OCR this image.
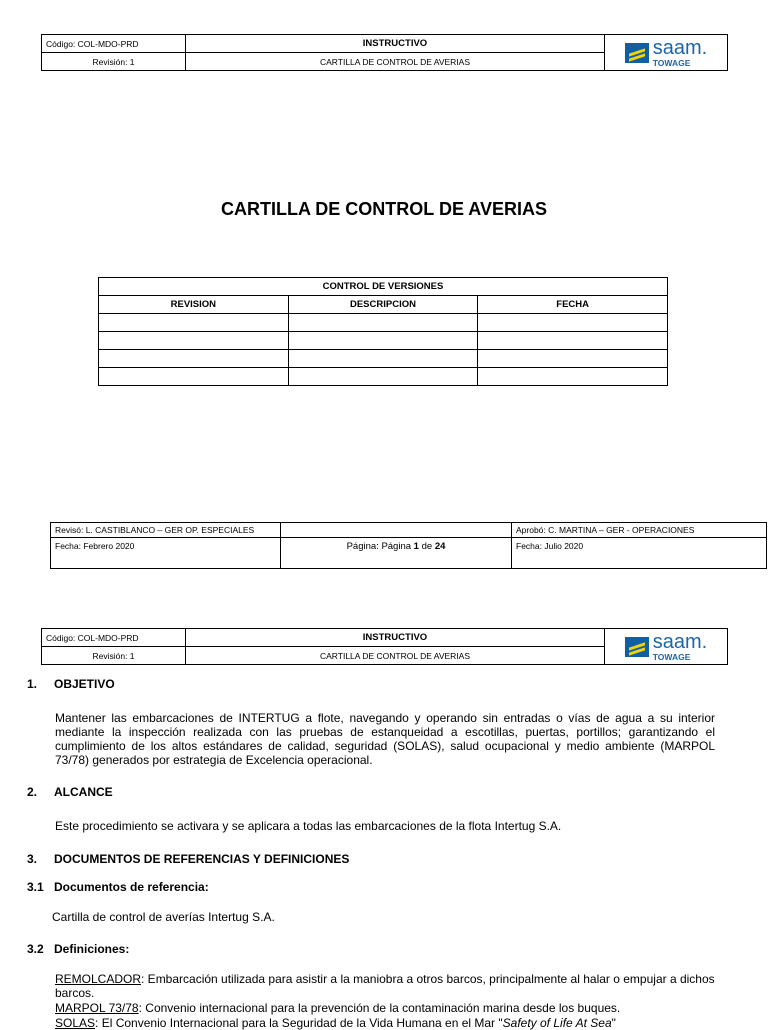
Código: COL-MDO-PRD	INSTRUCTIVO	saam.
TOWAGE

Revisión: 1	CARTILLA DE CONTROL DE AVERIAS	
CARTILLA DE CONTROL DE AVERIAS
CONTROL DE VERSIONES		
REVISION	DESCRIPCION	FECHA

Revisó: L. CASTIBLANCO – GER OP. ESPECIALES		Aprobó: C. MARTINA – GER - OPERACIONES
Fecha: Febrero 2020	Página: Página 1 de 24	Fecha: Julio 2020
Código: COL-MDO-PRD	INSTRUCTIVO	saam.
TOWAGE

Revisión: 1	CARTILLA DE CONTROL DE AVERIAS	
1.	OBJETIVO
Mantener las embarcaciones de INTERTUG a flote, navegando y operando sin entradas o vías de agua a su interior mediante la inspección realizada con las pruebas de estanqueidad a escotillas, puertas, portillos; garantizando el cumplimiento de los altos estándares de calidad, seguridad (SOLAS), salud ocupacional y medio ambiente (MARPOL 73/78) generados por estrategia de Excelencia operacional.
2.	ALCANCE
Este procedimiento se activara y se aplicara a todas las embarcaciones de la flota Intertug S.A.
3.	DOCUMENTOS DE REFERENCIAS Y DEFINICIONES
3.1 Documentos de referencia:
Cartilla de control de averías Intertug S.A.
3.2 Definiciones:
REMOLCADOR: Embarcación utilizada para asistir a la maniobra a otros barcos, principalmente al halar o empujar a dichos barcos.
MARPOL 73/78: Convenio internacional para la prevención de la contaminación marina desde los buques.
SOLAS: El Convenio Internacional para la Seguridad de la Vida Humana en el Mar "Safety of Life At Sea"
